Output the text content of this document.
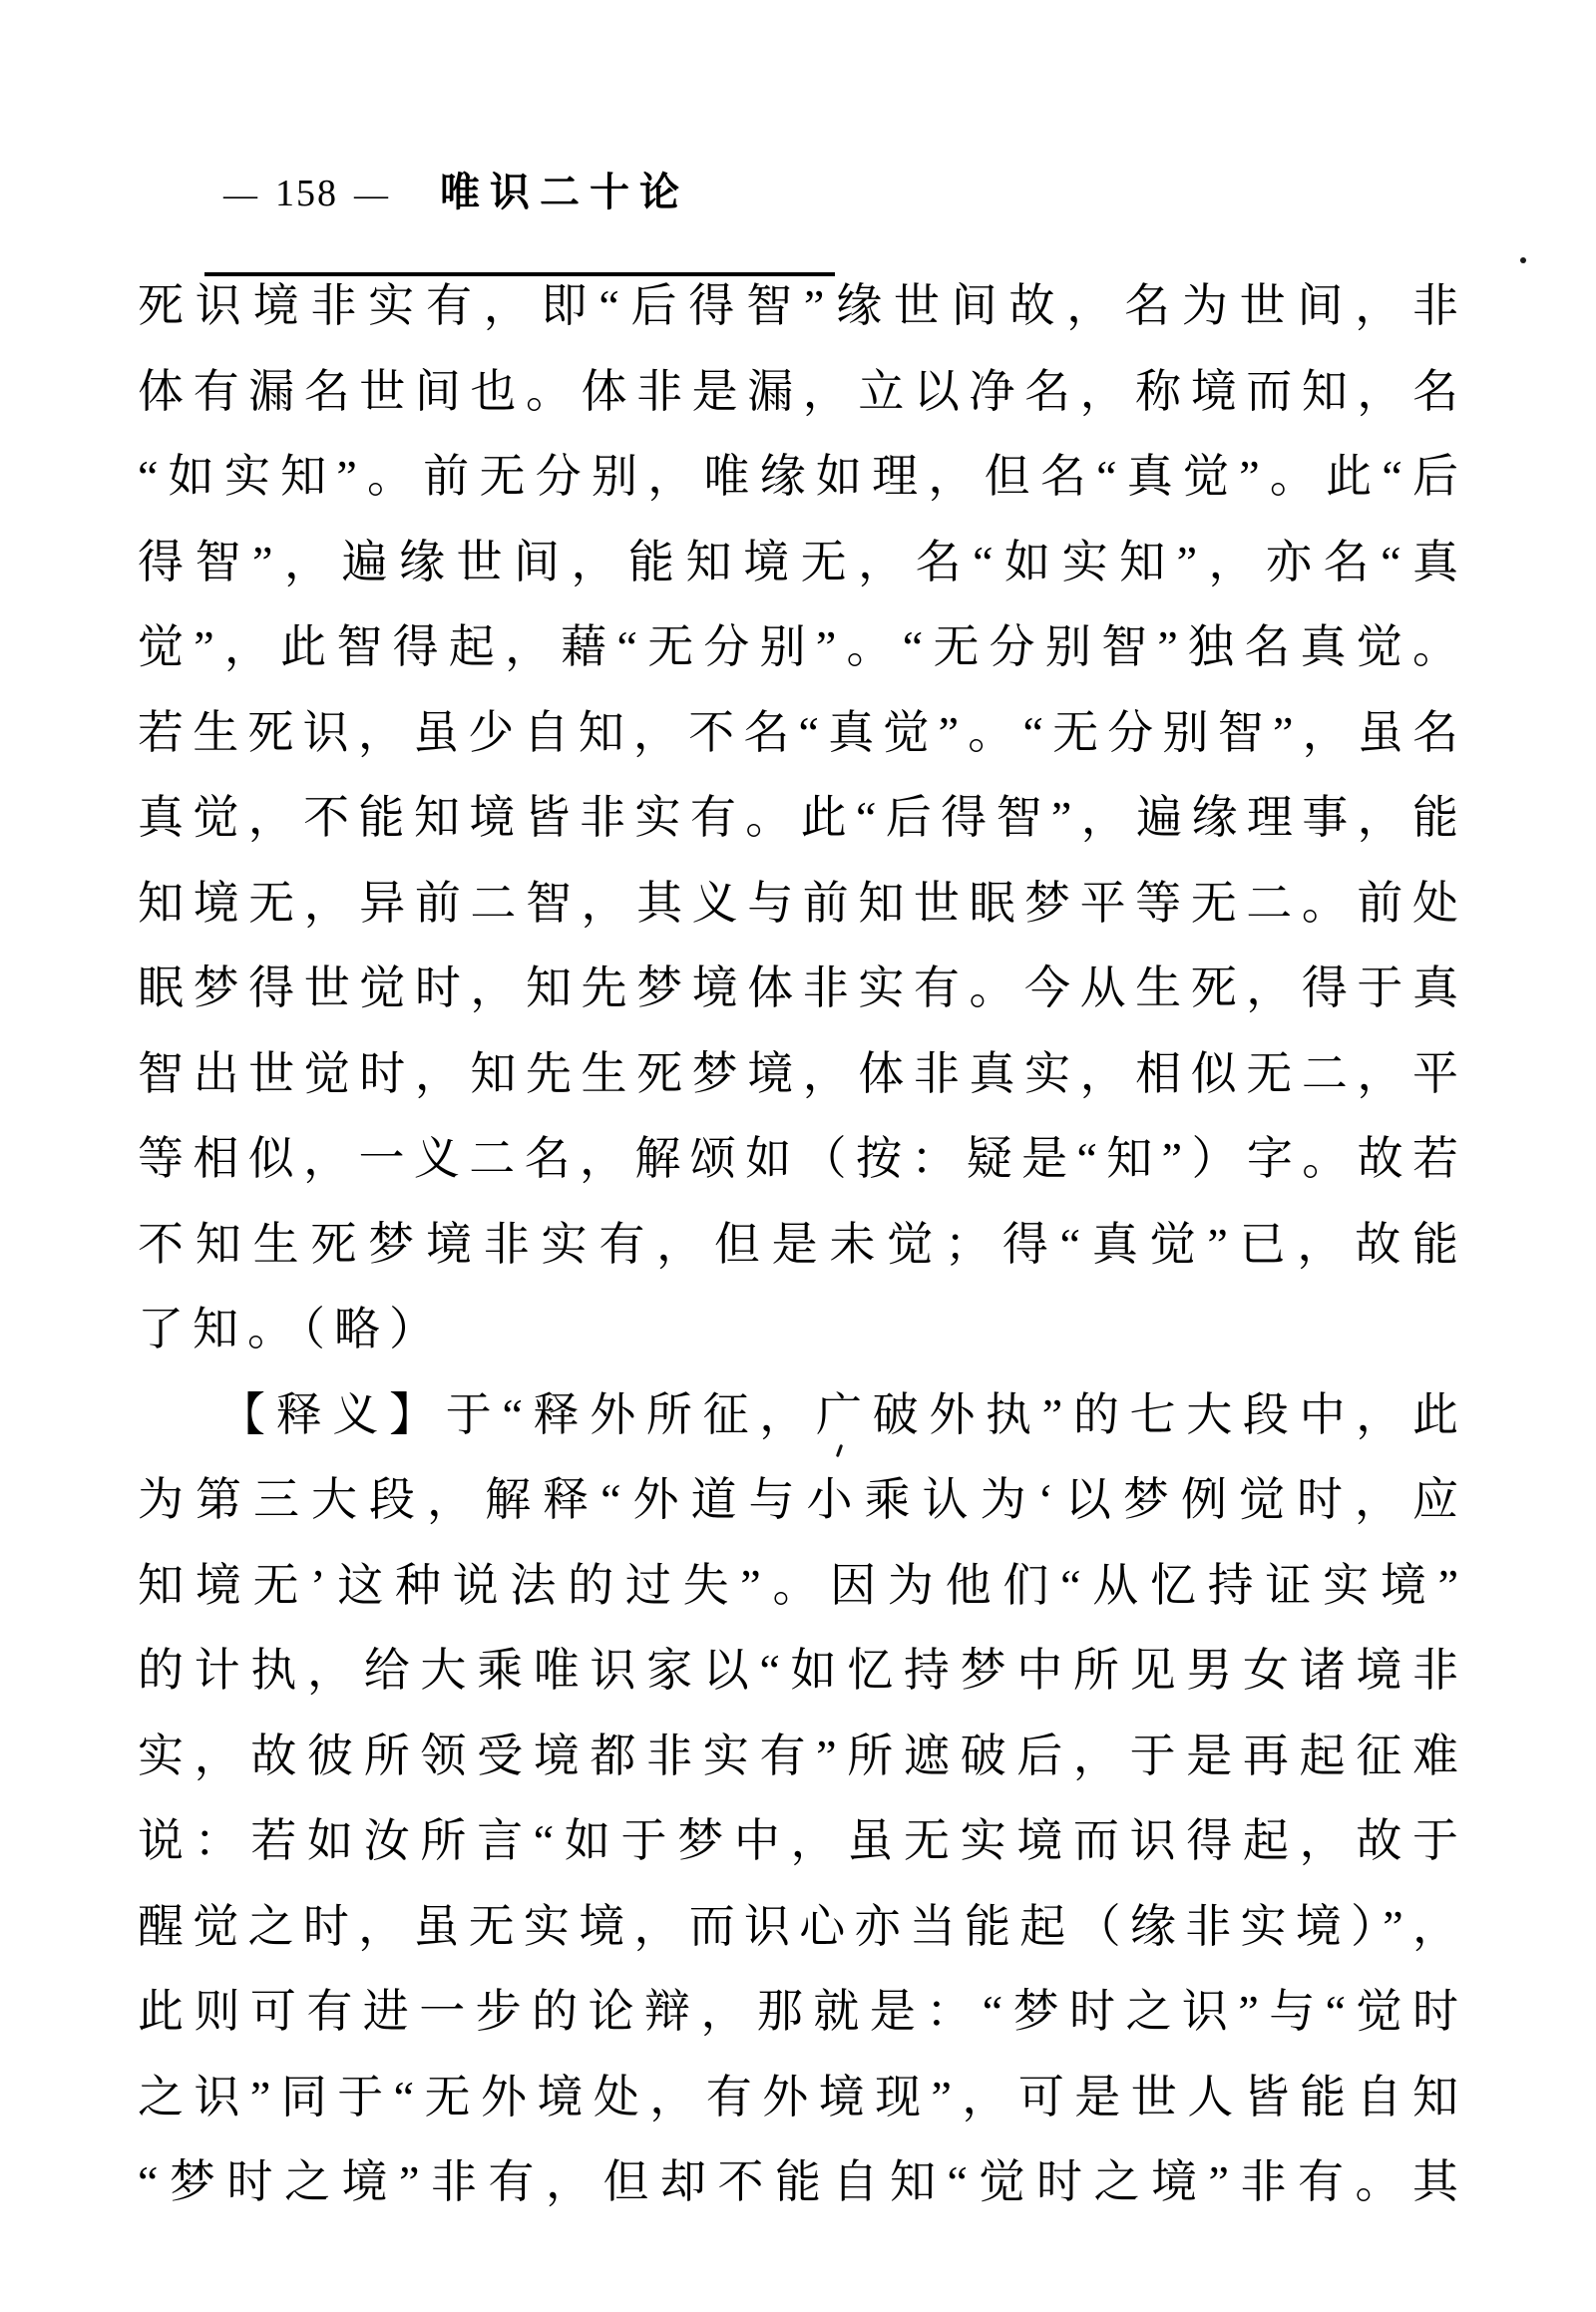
— 158 — 唯识二十论
死识境非实有，即“后得智”缘世间故，名为世间，非
体有漏名世间也。体非是漏，立以净名，称境而知，名
“如实知”。前无分别，唯缘如理，但名“真觉”。此“后
得智”，遍缘世间，能知境无，名“如实知”，亦名“真
觉”，此智得起，藉“无分别”。“无分别智”独名真觉。
若生死识，虽少自知，不名“真觉”。“无分别智”，虽名
真觉，不能知境皆非实有。此“后得智”，遍缘理事，能
知境无，异前二智，其义与前知世眠梦平等无二。前处
眠梦得世觉时，知先梦境体非实有。今从生死，得于真
智出世觉时，知先生死梦境，体非真实，相似无二，平
等相似，一义二名，解颂如（按：疑是“知”）字。故若
不知生死梦境非实有，但是未觉；得“真觉”已，故能
了知。（略）
【释义】于“释外所征，广破外执”的七大段中，此
为第三大段，解释“外道与小乘认为‘以梦例觉时，应
知境无’这种说法的过失”。因为他们“从忆持证实境”
的计执，给大乘唯识家以“如忆持梦中所见男女诸境非
实，故彼所领受境都非实有”所遮破后，于是再起征难
说：若如汝所言“如于梦中，虽无实境而识得起，故于
醒觉之时，虽无实境，而识心亦当能起（缘非实境）”，
此则可有进一步的论辩，那就是：“梦时之识”与“觉时
之识”同于“无外境处，有外境现”，可是世人皆能自知
“梦时之境”非有，但却不能自知“觉时之境”非有。其
